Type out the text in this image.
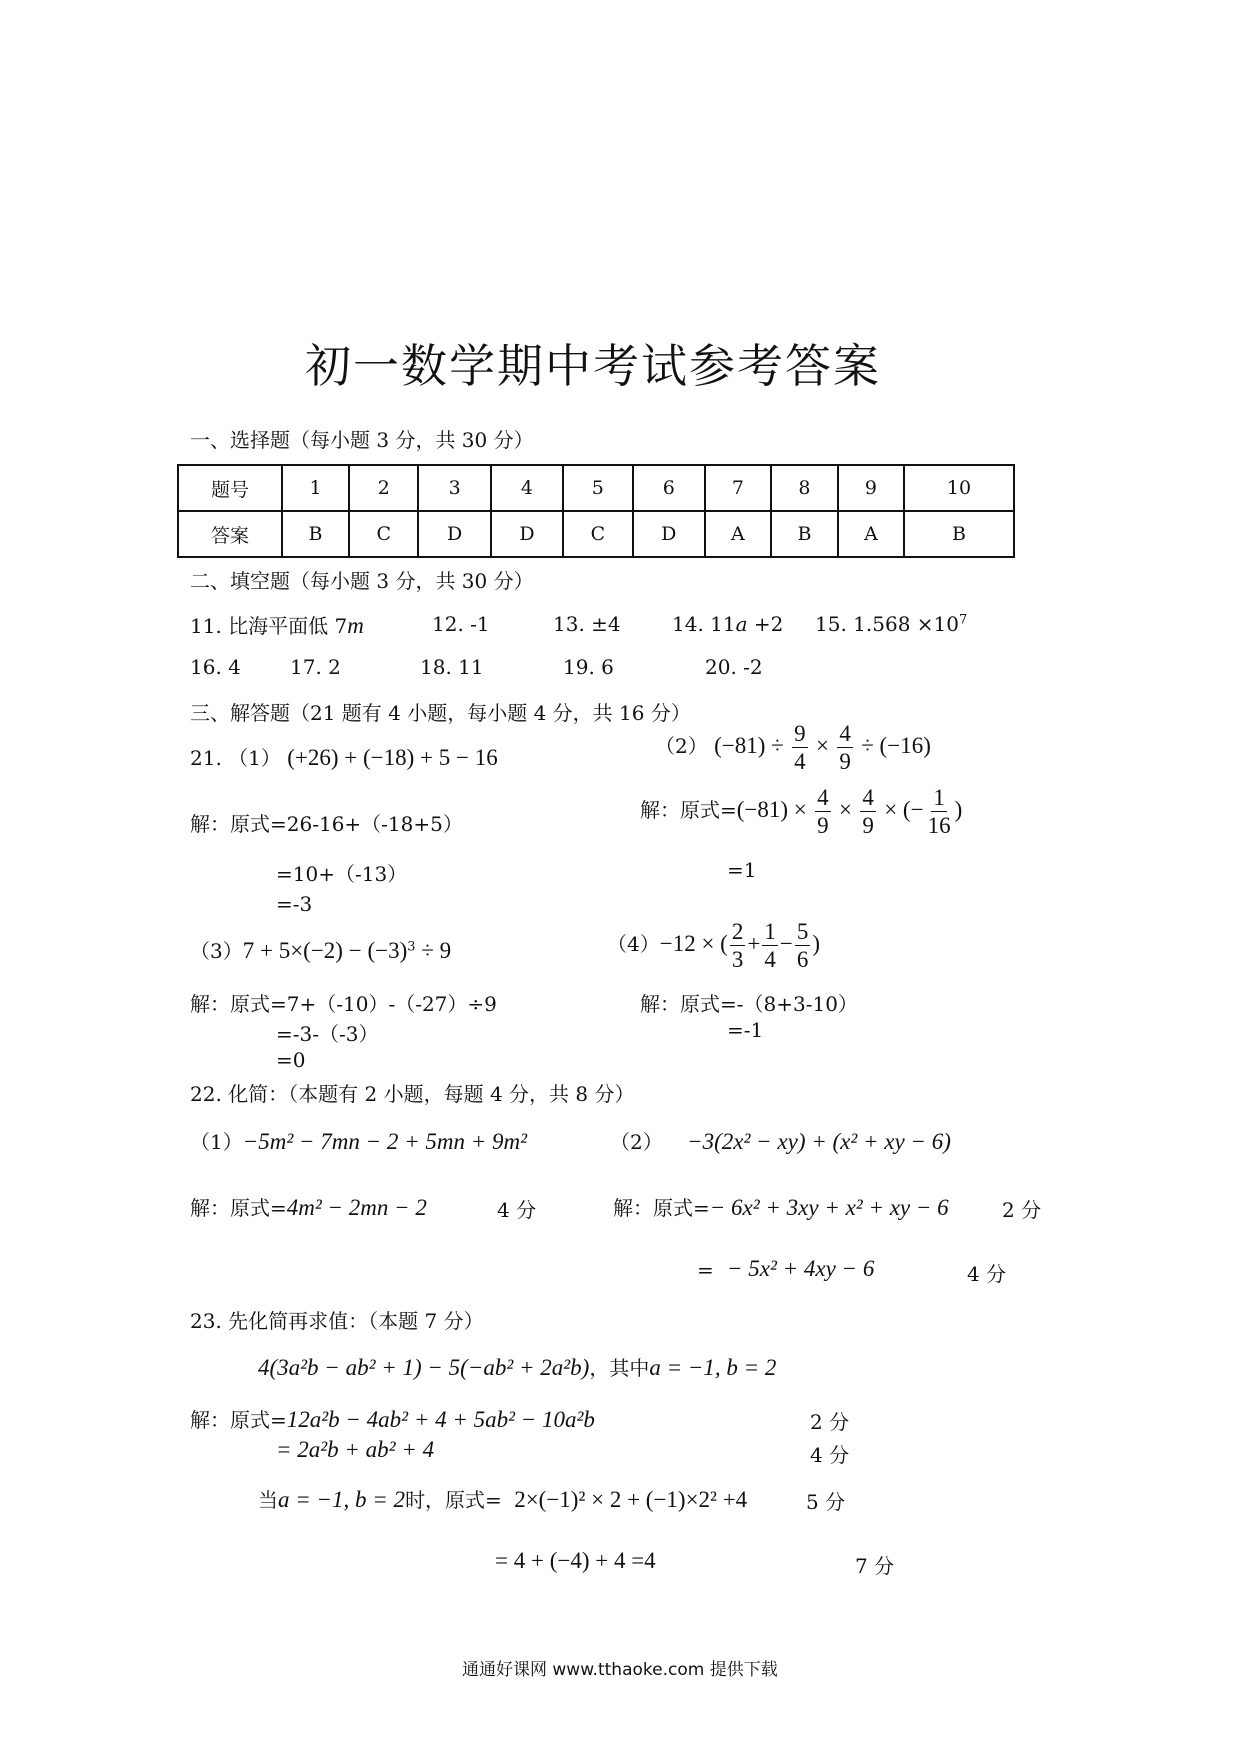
初一数学期中考试参考答案
一、选择题（每小题 3 分，共 30 分）
题号	1	2	3	4	5	6	7	8	9	10
答案	B	C	D	D	C	D	A	B	A	B
二、填空题（每小题 3 分，共 30 分）
11. 比海平面低 7m	12. -1	13. ±4	14. 11a +2 15. $1.568 \times 10^7$
16. 4 17. 2	18. 11	19. 6	20. -2
三、解答题（21 题有 4 小题，每小题 4 分，共 16 分）
21. （1） (+26) + (−18) + 5 − 16	（2） $(-81) \div \frac{9}{4} \times \frac{4}{9} \div (-16)$
解：原式=26-16+（-18+5）
=10+（-13）
=-3
解：原式$=(-81) \times \frac{4}{9} \times \frac{4}{9}$ × (− $\frac{1}{16}$ )
=1
$(3)7 + 5\times(-2) - (-3)^3 \div 9$	（4）−12 × ( $\frac{2}{3} + \frac{1}{4} - \frac{5}{6}$ )
解：原式=7+（-10）-（-27）÷9
=-3-（-3）
=0
解：原式=-（8+3-10）
=-1
22. 化简：（本题有 2 小题，每题 4 分，共 8 分）
（1）−5m² − 7mn − 2 + 5mn + 9m²	（2） −3(2x² − xy) + (x² + xy − 6)
解：原式=4m² − 2mn − 2	4 分	解：原式=− 6x² + 3xy + x² + xy − 6	2 分
= − 5x² + 4xy − 6	4 分
23. 先化简再求值：（本题 7 分）
4(3a²b − ab² + 1) − 5(−ab² + 2a²b)，其中a = −1, b = 2
解：原式=12a²b − 4ab² + 4 + 5ab² − 10a²b	2 分
= 2a²b + ab² + 4	4 分
当a = −1, b = 2时，原式= 2×(−1)² × 2 + (−1)×2² +4	5 分
= 4 + (−4) + 4 =4	7 分
通通好课网 www.tthaoke.com 提供下载
